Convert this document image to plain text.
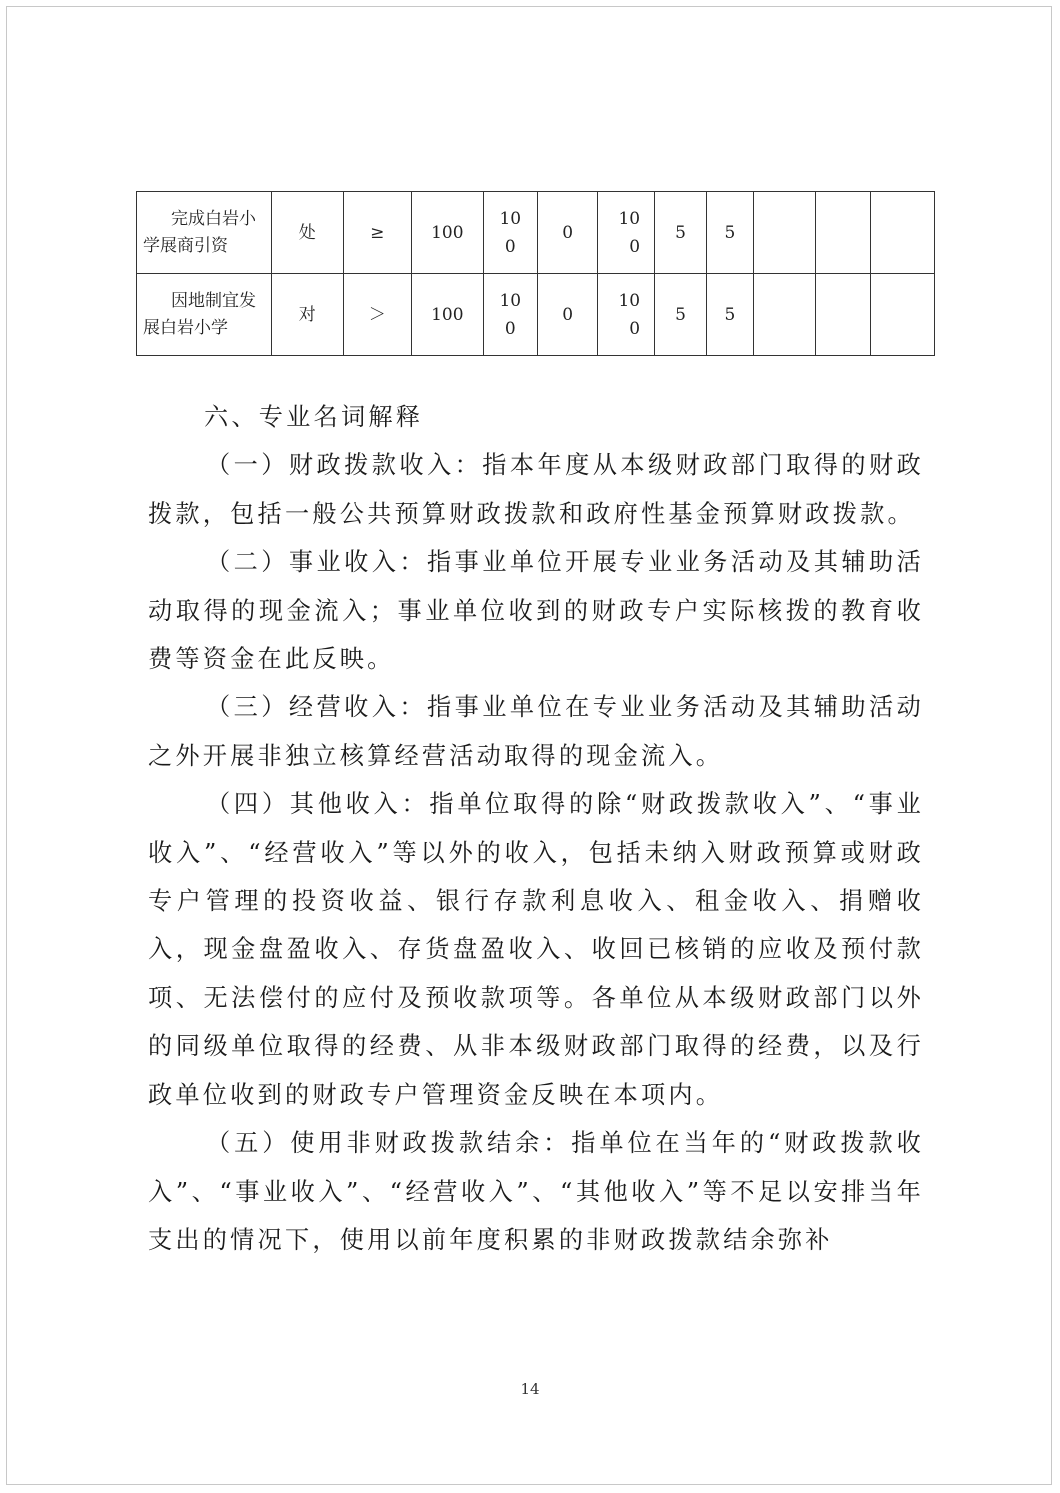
完成白岩小学展商引资	处	≥	100	100	0	100	5	5			
因地制宜发展白岩小学	对	＞	100	100	0	100	5	5			

六、专业名词解释

（一）财政拨款收入：指本年度从本级财政部门取得的财政拨款，包括一般公共预算财政拨款和政府性基金预算财政拨款。

（二）事业收入：指事业单位开展专业业务活动及其辅助活动取得的现金流入；事业单位收到的财政专户实际核拨的教育收费等资金在此反映。

（三）经营收入：指事业单位在专业业务活动及其辅助活动之外开展非独立核算经营活动取得的现金流入。

（四）其他收入：指单位取得的除“财政拨款收入”、“事业收入”、“经营收入”等以外的收入，包括未纳入财政预算或财政专户管理的投资收益、银行存款利息收入、租金收入、捐赠收入，现金盘盈收入、存货盘盈收入、收回已核销的应收及预付款项、无法偿付的应付及预收款项等。各单位从本级财政部门以外的同级单位取得的经费、从非本级财政部门取得的经费，以及行政单位收到的财政专户管理资金反映在本项内。

（五）使用非财政拨款结余：指单位在当年的“财政拨款收入”、“事业收入”、“经营收入”、“其他收入”等不足以安排当年支出的情况下，使用以前年度积累的非财政拨款结余弥补

14
